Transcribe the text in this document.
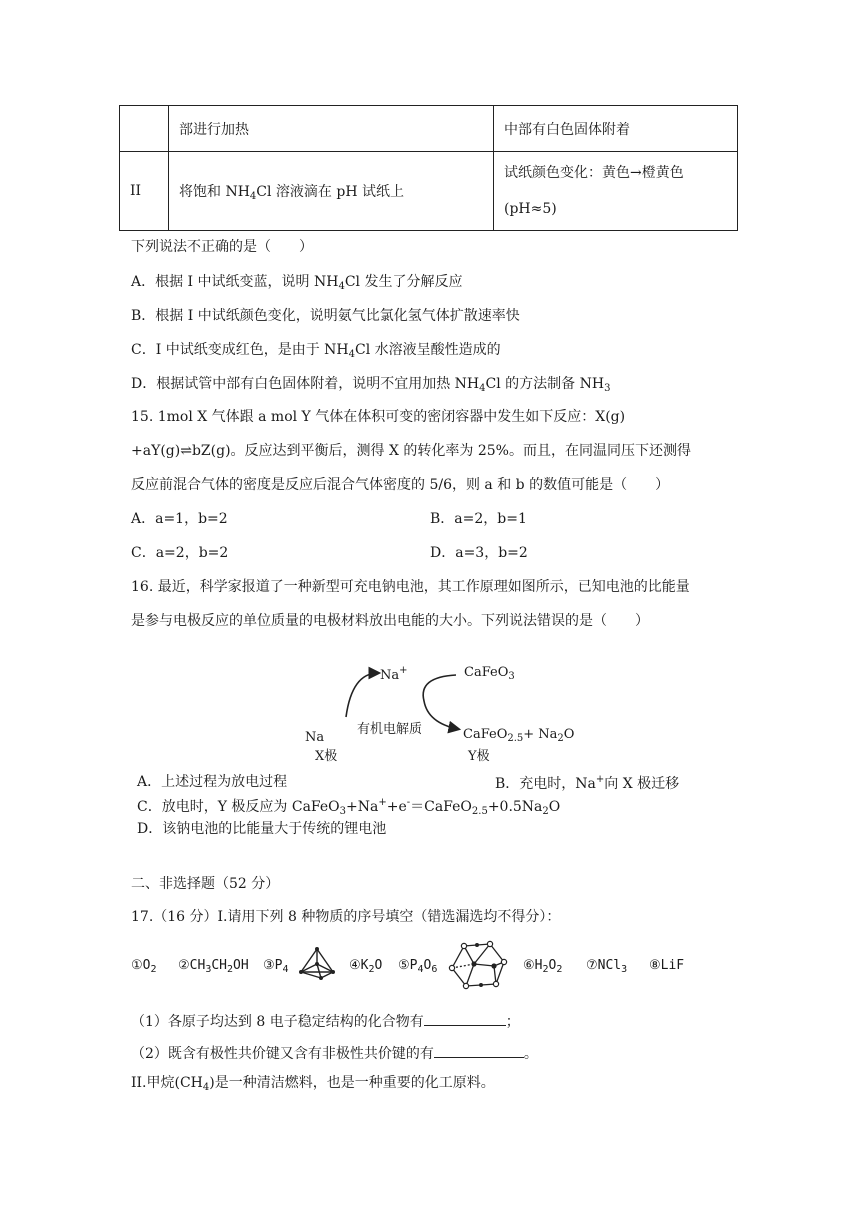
	部进行加热	中部有白色固体附着
II	将饱和 $NH_4Cl$ 溶液滴在 pH 试纸上	试纸颜色变化：黄色→橙黄色
(pH≈5)
下列说法不正确的是（　　）
A．根据 I 中试纸变蓝，说明 $NH_4Cl$ 发生了分解反应
B．根据 I 中试纸颜色变化，说明氨气比氯化氢气体扩散速率快
C．I 中试纸变成红色，是由于 $NH_4Cl$ 水溶液呈酸性造成的
D．根据试管中部有白色固体附着，说明不宜用加热 $NH_4Cl$ 的方法制备 $NH_3$
15. 1mol X 气体跟 a mol Y 气体在体积可变的密闭容器中发生如下反应：X(g)
+aY(g)⇌bZ(g)。反应达到平衡后，测得 X 的转化率为 25%。而且，在同温同压下还测得
反应前混合气体的密度是反应后混合气体密度的 5/6，则 a 和 b 的数值可能是（　　）
A．a=1，b=2	B．a=2，b=1
C．a=2，b=2	D．a=3，b=2
16. 最近，科学家报道了一种新型可充电钠电池，其工作原理如图所示，已知电池的比能量
是参与电极反应的单位质量的电极材料放出电能的大小。下列说法错误的是（　　）
Na+	CaFeO$_3$
Na
有机电解质	CaFeO$_{2.5}$+ $Na_2O$
X极	Y极
A．上述过程为放电过程	B．充电时，Na+向 X 极迁移
C．放电时，Y 极反应为 $CaFeO_3+Na^++e^-=CaFeO_{2.5}+0.5Na_2O$
D．该钠电池的比能量大于传统的锂电池
二、非选择题（52 分）
17.（16 分）I.请用下列 8 种物质的序号填空（错选漏选均不得分）：
$①O_2$ $②CH_3CH_2OH$ $③P_4$	$④K_2O$ $⑤P_4O_6$	$⑥H_2O_2$ ⑦NCl$_3$ ⑧LiF
（1）各原子均达到 8 电子稳定结构的化合物有	；
（2）既含有极性共价键又含有非极性共价键的有	。
II.甲烷$(CH_4)$是一种清洁燃料，也是一种重要的化工原料。
